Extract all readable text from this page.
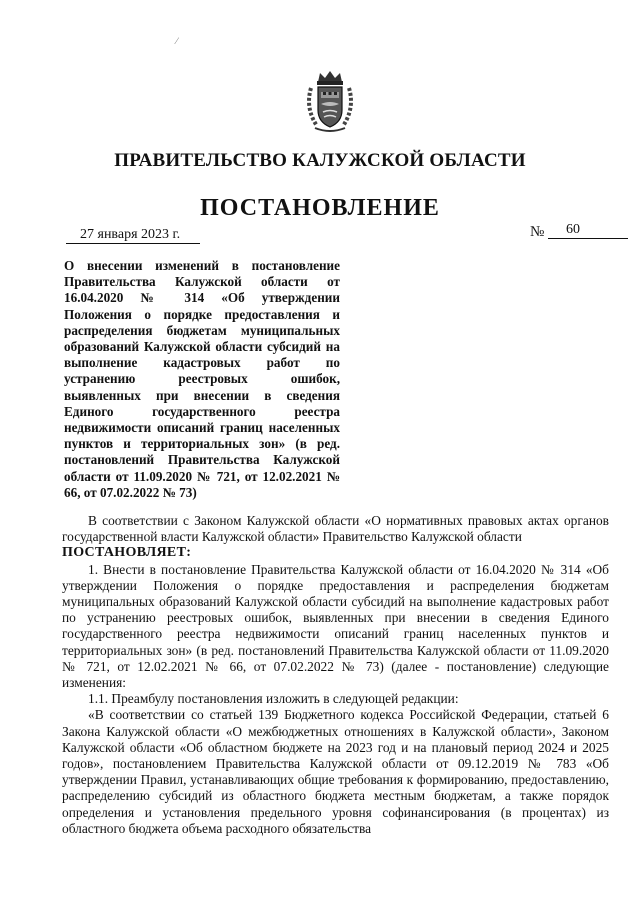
⁄
ПРАВИТЕЛЬСТВО КАЛУЖСКОЙ ОБЛАСТИ
ПОСТАНОВЛЕНИЕ
27 января 2023 г.	№	60
О внесении изменений в постановление Правительства Калужской области от 16.04.2020 № 314 «Об утверждении Положения о порядке предоставления и распределения бюджетам муниципальных образований Калужской области субсидий на выполнение кадастровых работ по устранению реестровых ошибок, выявленных при внесении в сведения Единого государственного реестра недвижимости описаний границ населенных пунктов и территориальных зон» (в ред. постановлений Правительства Калужской области от 11.09.2020 № 721, от 12.02.2021 № 66, от 07.02.2022 № 73)

В соответствии с Законом Калужской области «О нормативных правовых актах органов государственной власти Калужской области» Правительство Калужской области

ПОСТАНОВЛЯЕТ:

1. Внести в постановление Правительства Калужской области от 16.04.2020 № 314 «Об утверждении Положения о порядке предоставления и распределения бюджетам муниципальных образований Калужской области субсидий на выполнение кадастровых работ по устранению реестровых ошибок, выявленных при внесении в сведения Единого государственного реестра недвижимости описаний границ населенных пунктов и территориальных зон» (в ред. постановлений Правительства Калужской области от 11.09.2020 № 721, от 12.02.2021 № 66, от 07.02.2022 № 73) (далее - постановление) следующие изменения:

1.1. Преамбулу постановления изложить в следующей редакции:

«В соответствии со статьей 139 Бюджетного кодекса Российской Федерации, статьей 6 Закона Калужской области «О межбюджетных отношениях в Калужской области», Законом Калужской области «Об областном бюджете на 2023 год и на плановый период 2024 и 2025 годов», постановлением Правительства Калужской области от 09.12.2019 № 783 «Об утверждении Правил, устанавливающих общие требования к формированию, предоставлению, распределению субсидий из областного бюджета местным бюджетам, а также порядок определения и установления предельного уровня софинансирования (в процентах) из областного бюджета объема расходного обязательства
